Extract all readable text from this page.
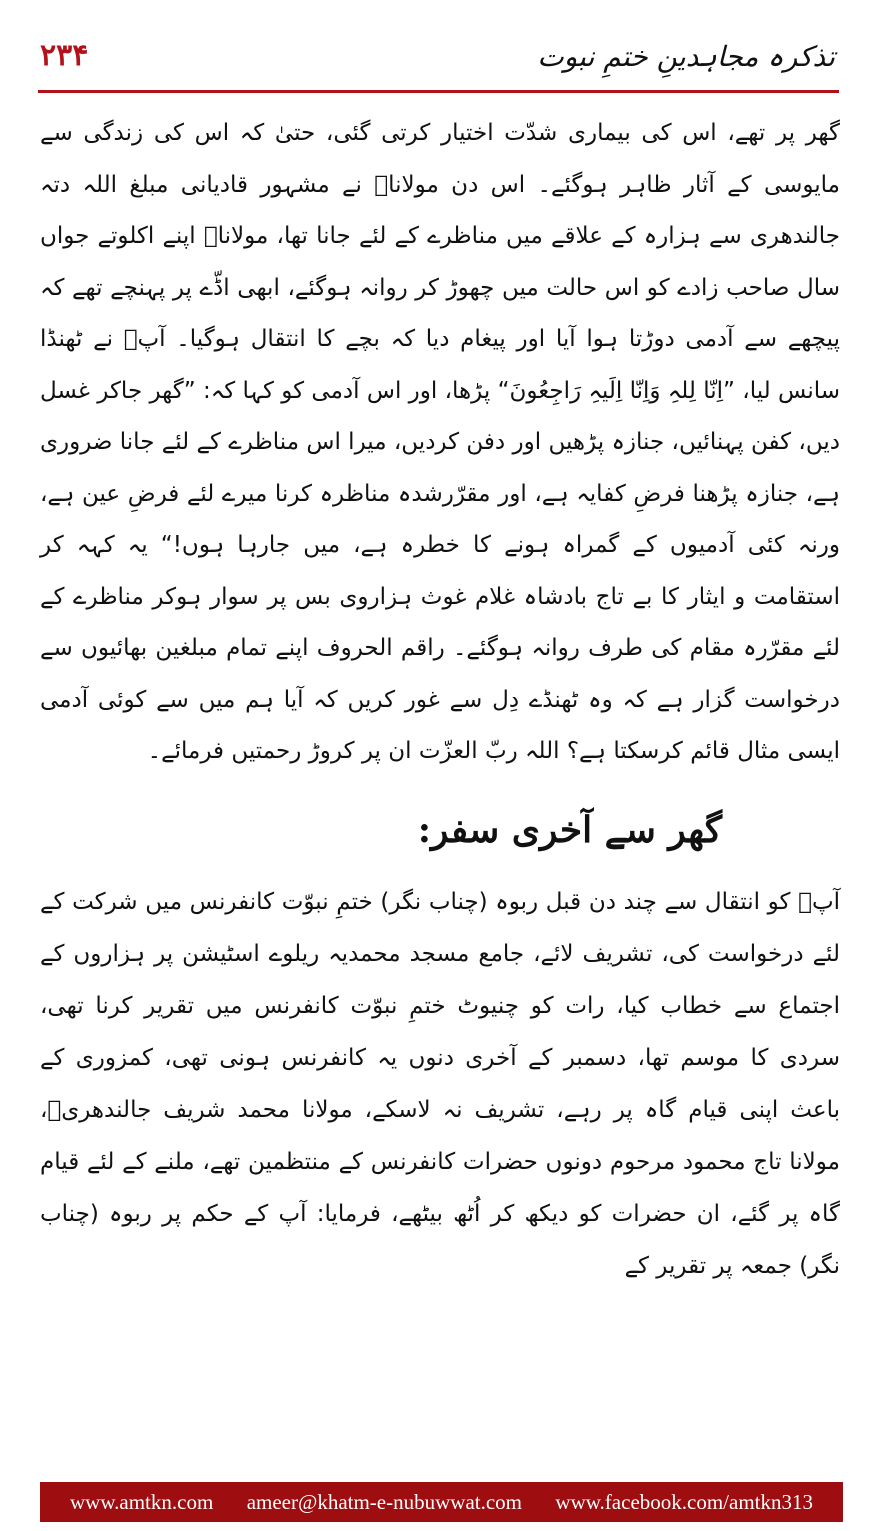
۲۳۴	تذکرہ مجاہدینِ ختمِ نبوت

گھر پر تھے، اس کی بیماری شدّت اختیار کرتی گئی، حتیٰ کہ اس کی زندگی سے مایوسی کے آثار ظاہر ہوگئے۔ اس دن مولاناؒ نے مشہور قادیانی مبلغ اللہ دتہ جالندھری سے ہزارہ کے علاقے میں مناظرے کے لئے جانا تھا، مولاناؒ اپنے اکلوتے جواں سال صاحب زادے کو اس حالت میں چھوڑ کر روانہ ہوگئے، ابھی اڈّے پر پہنچے تھے کہ پیچھے سے آدمی دوڑتا ہوا آیا اور پیغام دیا کہ بچے کا انتقال ہوگیا۔ آپؒ نے ٹھنڈا سانس لیا، ”اِنّا لِلہِ وَاِنّا اِلَیہِ رَاجِعُونَ“ پڑھا، اور اس آدمی کو کہا کہ: ”گھر جاکر غسل دیں، کفن پہنائیں، جنازہ پڑھیں اور دفن کردیں، میرا اس مناظرے کے لئے جانا ضروری ہے، جنازہ پڑھنا فرضِ کفایہ ہے، اور مقرّرشدہ مناظرہ کرنا میرے لئے فرضِ عین ہے، ورنہ کئی آدمیوں کے گمراہ ہونے کا خطرہ ہے، میں جارہا ہوں!“ یہ کہہ کر استقامت و ایثار کا بے تاج بادشاہ غلام غوث ہزاروی بس پر سوار ہوکر مناظرے کے لئے مقرّرہ مقام کی طرف روانہ ہوگئے۔ راقم الحروف اپنے تمام مبلغین بھائیوں سے درخواست گزار ہے کہ وہ ٹھنڈے دِل سے غور کریں کہ آیا ہم میں سے کوئی آدمی ایسی مثال قائم کرسکتا ہے؟ اللہ ربّ العزّت ان پر کروڑ رحمتیں فرمائے۔

گھر سے آخری سفر:

آپؒ کو انتقال سے چند دن قبل ربوہ (چناب نگر) ختمِ نبوّت کانفرنس میں شرکت کے لئے درخواست کی، تشریف لائے، جامع مسجد محمدیہ ریلوے اسٹیشن پر ہزاروں کے اجتماع سے خطاب کیا، رات کو چنیوٹ ختمِ نبوّت کانفرنس میں تقریر کرنا تھی، سردی کا موسم تھا، دسمبر کے آخری دنوں یہ کانفرنس ہونی تھی، کمزوری کے باعث اپنی قیام گاہ پر رہے، تشریف نہ لاسکے، مولانا محمد شریف جالندھریؒ، مولانا تاج محمود مرحوم دونوں حضرات کانفرنس کے منتظمین تھے، ملنے کے لئے قیام گاہ پر گئے، ان حضرات کو دیکھ کر اُٹھ بیٹھے، فرمایا: آپ کے حکم پر ربوہ (چناب نگر) جمعہ پر تقریر کے

www.amtkn.com ameer@khatm-e-nubuwwat.com www.facebook.com/amtkn313
